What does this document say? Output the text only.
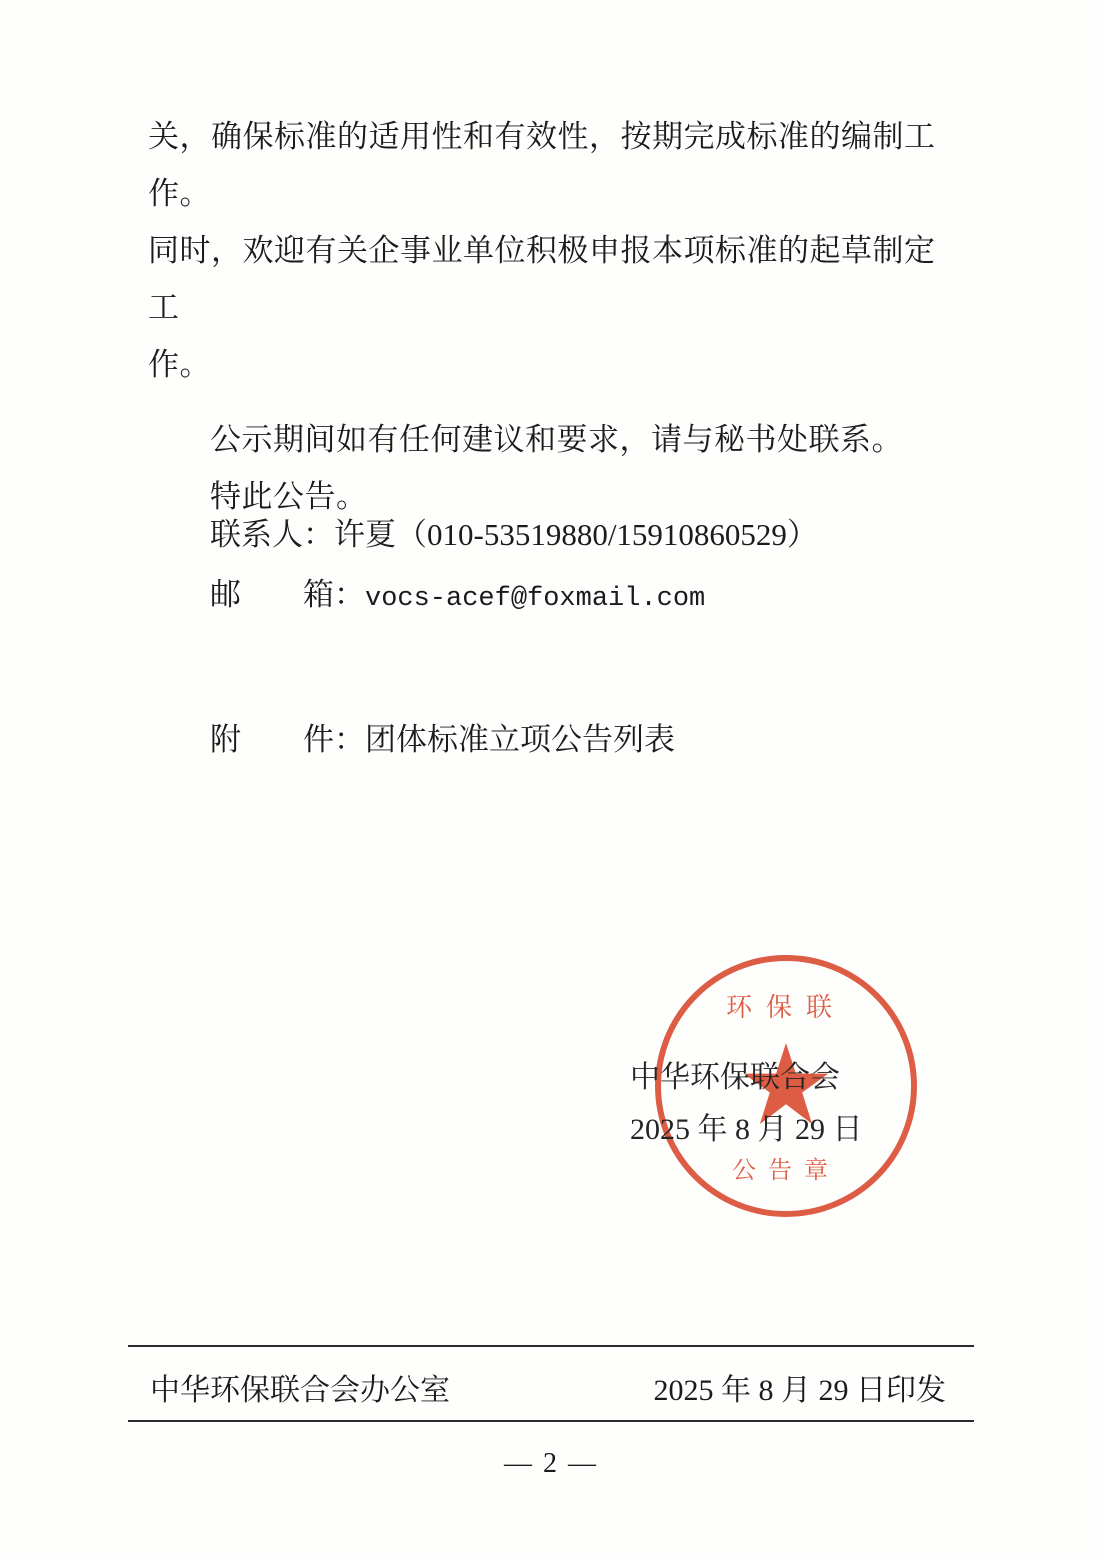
关，确保标准的适用性和有效性，按期完成标准的编制工作。
同时，欢迎有关企事业单位积极申报本项标准的起草制定工
作。
公示期间如有任何建议和要求，请与秘书处联系。
特此公告。
联系人：许夏（010-53519880/15910860529）
邮　　箱：vocs-acef@foxmail.com
附　　件：团体标准立项公告列表
环保联
公告章
中华环保联合会
2025 年 8 月 29 日
中华环保联合会办公室	2025 年 8 月 29 日印发
— 2 —
